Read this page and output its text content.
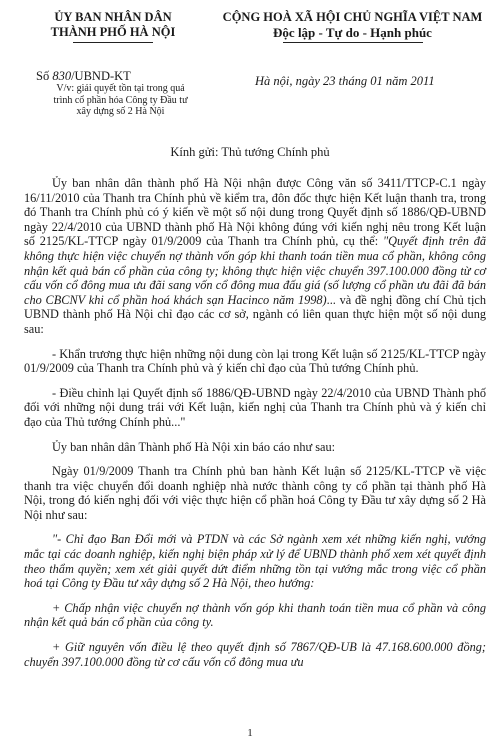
ỦY BAN NHÂN DÂN
THÀNH PHỐ HÀ NỘI
CỘNG HOÀ XÃ HỘI CHỦ NGHĨA VIỆT NAM
Độc lập - Tự do - Hạnh phúc
Số 830/UBND-KT
V/v: giải quyết tồn tại trong quá
trình cổ phần hóa Công ty Đầu tư
xây dựng số 2 Hà Nội
Hà nội, ngày 23 tháng 01 năm 2011
Kính gửi: Thủ tướng Chính phủ

Ủy ban nhân dân thành phố Hà Nội nhận được Công văn số 3411/TTCP-C.1 ngày 16/11/2010 của Thanh tra Chính phủ về kiểm tra, đôn đốc thực hiện Kết luận thanh tra, trong đó Thanh tra Chính phủ có ý kiến về một số nội dung trong Quyết định số 1886/QĐ-UBND ngày 22/4/2010 của UBND thành phố Hà Nội không đúng với kiến nghị nêu trong Kết luận số 2125/KL-TTCP ngày 01/9/2009 của Thanh tra Chính phủ, cụ thể: "Quyết định trên đã không thực hiện việc chuyển nợ thành vốn góp khi thanh toán tiền mua cổ phần, không công nhận kết quả bán cổ phần của công ty; không thực hiện việc chuyển 397.100.000 đồng từ cơ cấu vốn cổ đông mua ưu đãi sang vốn cổ đông mua đấu giá (số lượng cổ phần ưu đãi đã bán cho CBCNV khi cổ phần hoá khách sạn Hacinco năm 1998)... và đề nghị đồng chí Chủ tịch UBND thành phố Hà Nội chỉ đạo các cơ sở, ngành có liên quan thực hiện một số nội dung sau:

- Khẩn trương thực hiện những nội dung còn lại trong Kết luận số 2125/KL-TTCP ngày 01/9/2009 của Thanh tra Chính phủ và ý kiến chỉ đạo của Thủ tướng Chính phủ.

- Điều chỉnh lại Quyết định số 1886/QĐ-UBND ngày 22/4/2010 của UBND Thành phố đối với những nội dung trái với Kết luận, kiến nghị của Thanh tra Chính phủ và ý kiến chỉ đạo của Thủ tướng Chính phủ..."

Ủy ban nhân dân Thành phố Hà Nội xin báo cáo như sau:

Ngày 01/9/2009 Thanh tra Chính phủ ban hành Kết luận số 2125/KL-TTCP về việc thanh tra việc chuyển đổi doanh nghiệp nhà nước thành công ty cổ phần tại thành phố Hà Nội, trong đó kiến nghị đối với việc thực hiện cổ phần hoá Công ty Đầu tư xây dựng số 2 Hà Nội như sau:

"- Chỉ đạo Ban Đổi mới và PTDN và các Sở ngành xem xét những kiến nghị, vướng mắc tại các doanh nghiệp, kiến nghị biện pháp xử lý để UBND thành phố xem xét quyết định theo thẩm quyền; xem xét giải quyết dứt điểm những tồn tại vướng mắc trong việc cổ phần hoá tại Công ty Đầu tư xây dựng số 2 Hà Nội, theo hướng:

+ Chấp nhận việc chuyển nợ thành vốn góp khi thanh toán tiền mua cổ phần và công nhận kết quả bán cổ phần của công ty.

+ Giữ nguyên vốn điều lệ theo quyết định số 7867/QĐ-UB là 47.168.600.000 đồng; chuyển 397.100.000 đồng từ cơ cấu vốn cổ đông mua ưu

1
